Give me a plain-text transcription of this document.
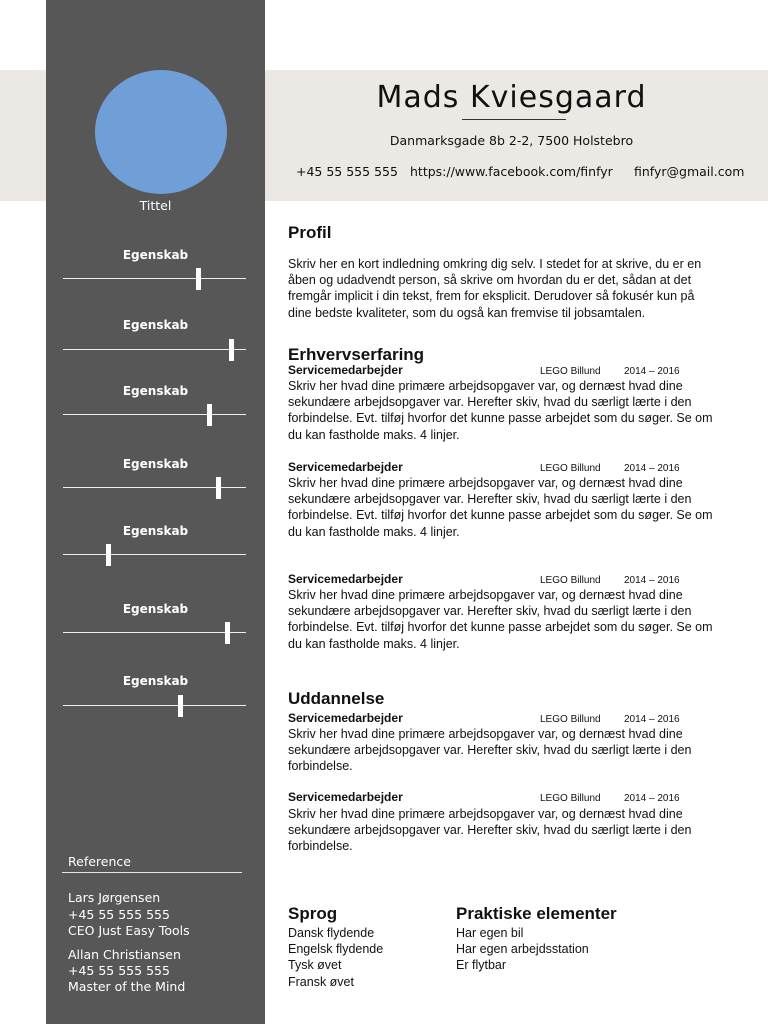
Tittel
Egenskab
Egenskab
Egenskab
Egenskab
Egenskab
Egenskab
Egenskab
Reference
Lars Jørgensen
+45 55 555 555
CEO Just Easy Tools
Allan Christiansen
+45 55 555 555
Master of the Mind
Mads Kviesgaard
Danmarksgade 8b 2-2, 7500 Holstebro
+45 55 555 555 https://www.facebook.com/finfyr finfyr@gmail.com
Profil

Skriv her en kort indledning omkring dig selv. I stedet for at skrive, du er en åben og udadvendt person, så skrive om hvordan du er det, sådan at det fremgår implicit i din tekst, frem for eksplicit. Derudover så fokusér kun på dine bedste kvaliteter, som du også kan fremvise til jobsamtalen.

Erhvervserfaring
Servicemedarbejder	LEGO Billund 2014 – 2016

Skriv her hvad dine primære arbejdsopgaver var, og dernæst hvad dine sekundære arbejdsopgaver var. Herefter skiv, hvad du særligt lærte i den forbindelse. Evt. tilføj hvorfor det kunne passe arbejdet som du søger. Se om du kan fastholde maks. 4 linjer.

Servicemedarbejder	LEGO Billund 2014 – 2016

Skriv her hvad dine primære arbejdsopgaver var, og dernæst hvad dine sekundære arbejdsopgaver var. Herefter skiv, hvad du særligt lærte i den forbindelse. Evt. tilføj hvorfor det kunne passe arbejdet som du søger. Se om du kan fastholde maks. 4 linjer.

Servicemedarbejder	LEGO Billund 2014 – 2016

Skriv her hvad dine primære arbejdsopgaver var, og dernæst hvad dine sekundære arbejdsopgaver var. Herefter skiv, hvad du særligt lærte i den forbindelse. Evt. tilføj hvorfor det kunne passe arbejdet som du søger. Se om du kan fastholde maks. 4 linjer.

Uddannelse
Servicemedarbejder	LEGO Billund 2014 – 2016

Skriv her hvad dine primære arbejdsopgaver var, og dernæst hvad dine sekundære arbejdsopgaver var. Herefter skiv, hvad du særligt lærte i den forbindelse.

Servicemedarbejder	LEGO Billund 2014 – 2016

Skriv her hvad dine primære arbejdsopgaver var, og dernæst hvad dine sekundære arbejdsopgaver var. Herefter skiv, hvad du særligt lærte i den forbindelse.

Sprog
Dansk flydende
Engelsk flydende
Tysk øvet
Fransk øvet
Praktiske elementer
Har egen bil
Har egen arbejdsstation
Er flytbar
